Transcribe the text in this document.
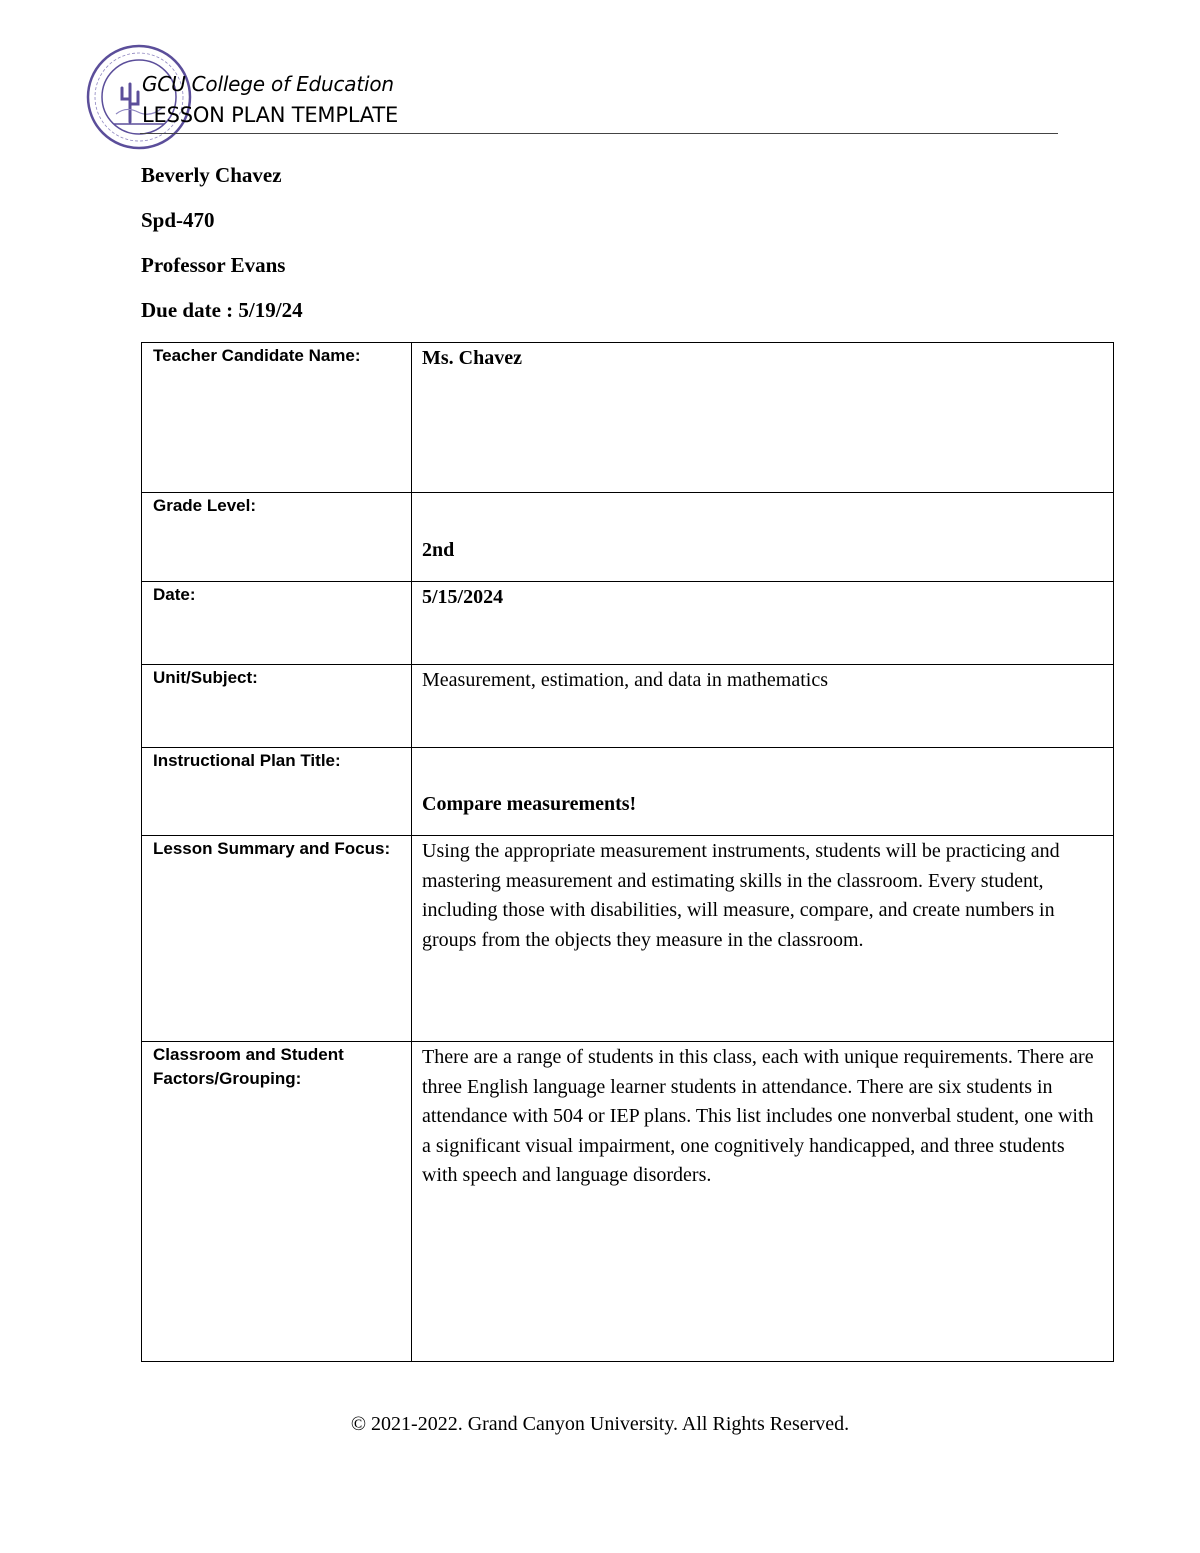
GCU College of Education
LESSON PLAN TEMPLATE
Beverly Chavez
Spd-470
Professor Evans
Due date : 5/19/24
Teacher Candidate Name:	Ms. Chavez
Grade Level:	2nd
Date:	5/15/2024
Unit/Subject:	Measurement, estimation, and data in mathematics
Instructional Plan Title:	Compare measurements!
Lesson Summary and Focus:	Using the appropriate measurement instruments, students will be practicing and mastering measurement and estimating skills in the classroom. Every student, including those with disabilities, will measure, compare, and create numbers in groups from the objects they measure in the classroom.
Classroom and Student Factors/Grouping:	There are a range of students in this class, each with unique requirements. There are three English language learner students in attendance. There are six students in attendance with 504 or IEP plans. This list includes one nonverbal student, one with a significant visual impairment, one cognitively handicapped, and three students with speech and language disorders.
© 2021-2022. Grand Canyon University. All Rights Reserved.
